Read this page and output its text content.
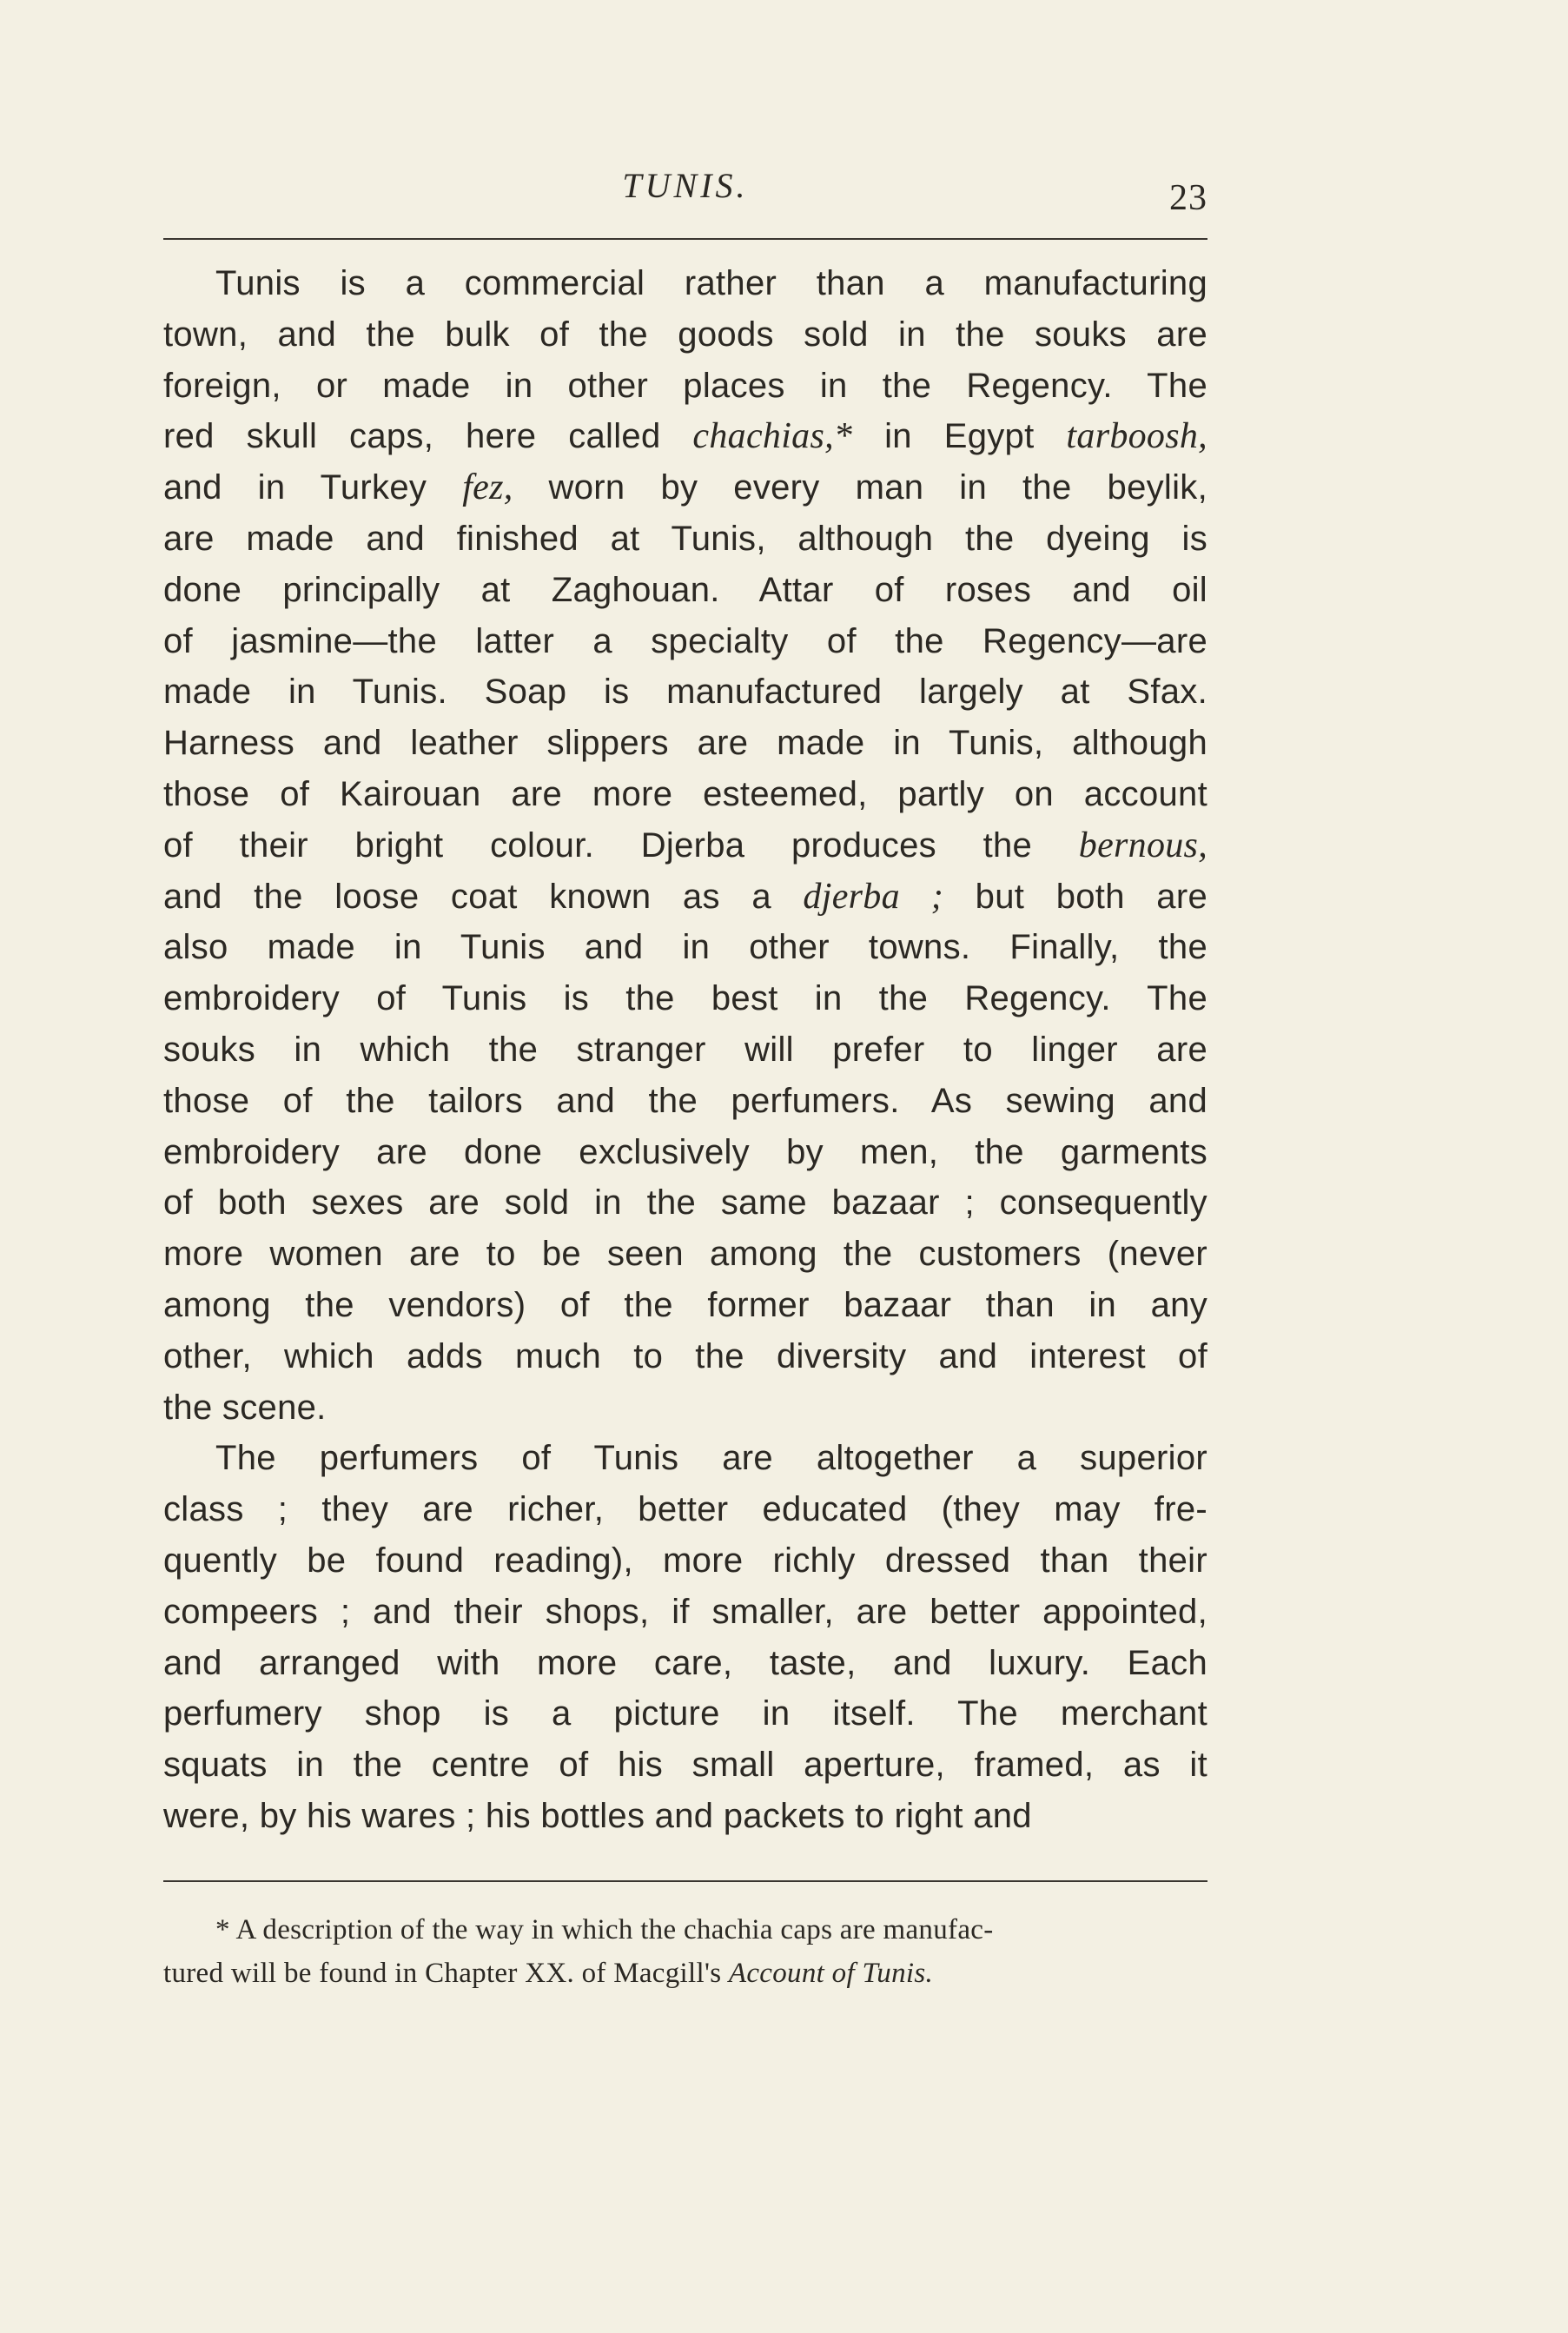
TUNIS.	23

Tunis is a commercial rather than a manufacturing
town, and the bulk of the goods sold in the souks are
foreign, or made in other places in the Regency. The
red skull caps, here called chachias,* in Egypt tarboosh,
and in Turkey fez, worn by every man in the beylik,
are made and finished at Tunis, although the dyeing is
done principally at Zaghouan. Attar of roses and oil
of jasmine—the latter a specialty of the Regency—are
made in Tunis. Soap is manufactured largely at Sfax.
Harness and leather slippers are made in Tunis, although
those of Kairouan are more esteemed, partly on account
of their bright colour. Djerba produces the bernous,
and the loose coat known as a djerba ; but both are
also made in Tunis and in other towns. Finally, the
embroidery of Tunis is the best in the Regency. The
souks in which the stranger will prefer to linger are
those of the tailors and the perfumers. As sewing and
embroidery are done exclusively by men, the garments
of both sexes are sold in the same bazaar ; consequently
more women are to be seen among the customers (never
among the vendors) of the former bazaar than in any
other, which adds much to the diversity and interest of
the scene.

The perfumers of Tunis are altogether a superior
class ; they are richer, better educated (they may fre-
quently be found reading), more richly dressed than their
compeers ; and their shops, if smaller, are better appointed,
and arranged with more care, taste, and luxury. Each
perfumery shop is a picture in itself. The merchant
squats in the centre of his small aperture, framed, as it
were, by his wares ; his bottles and packets to right and

* A description of the way in which the chachia caps are manufac-
tured will be found in Chapter XX. of Macgill's Account of Tunis.
